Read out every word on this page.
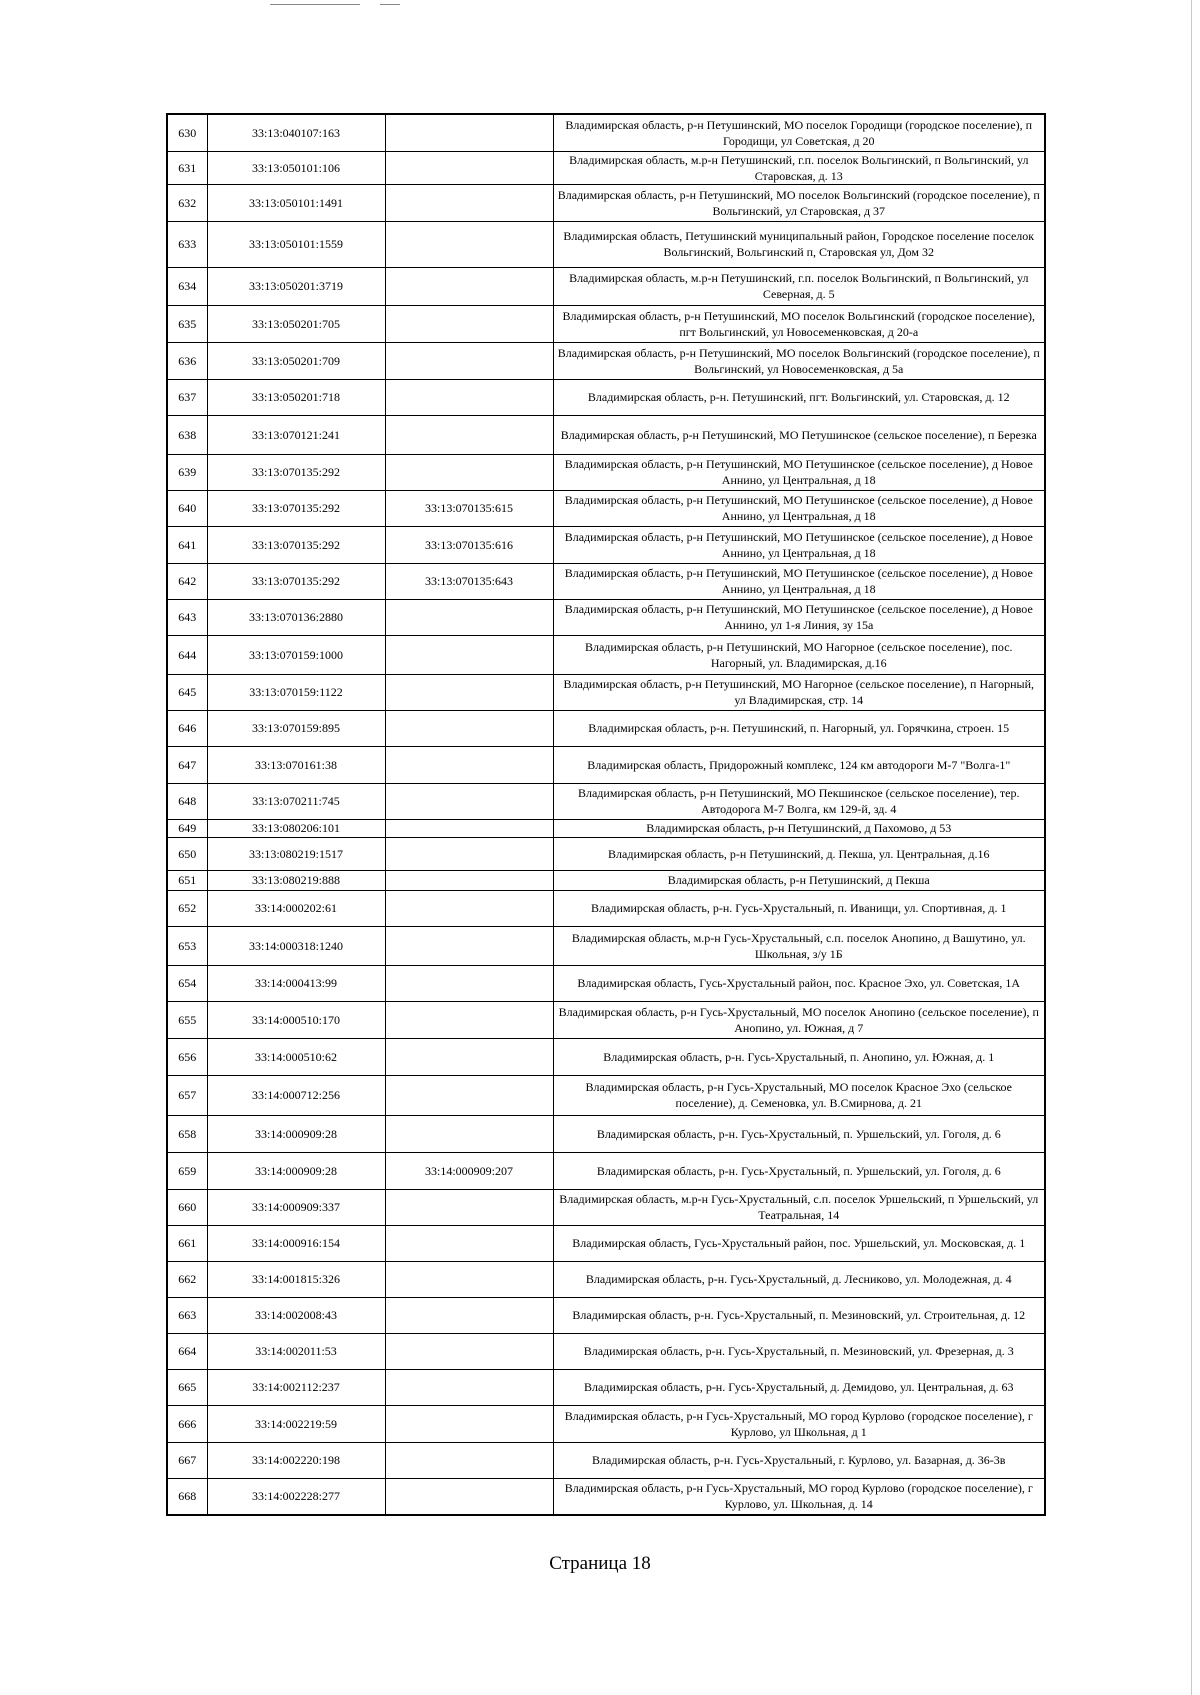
630	33:13:040107:163		Владимирская область, р-н Петушинский, МО поселок Городищи (городское поселение), п Городищи, ул Советская, д 20
631	33:13:050101:106		Владимирская область, м.р-н Петушинский, г.п. поселок Вольгинский, п Вольгинский, ул Старовская, д. 13
632	33:13:050101:1491		Владимирская область, р-н Петушинский, МО поселок Вольгинский (городское поселение), п Вольгинский, ул Старовская, д 37
633	33:13:050101:1559		Владимирская область, Петушинский муниципальный район, Городское поселение поселок Вольгинский, Вольгинский п, Старовская ул, Дом 32
634	33:13:050201:3719		Владимирская область, м.р-н Петушинский, г.п. поселок Вольгинский, п Вольгинский, ул Северная, д. 5
635	33:13:050201:705		Владимирская область, р-н Петушинский, МО поселок Вольгинский (городское поселение), пгт Вольгинский, ул Новосеменковская, д 20-а
636	33:13:050201:709		Владимирская область, р-н Петушинский, МО поселок Вольгинский (городское поселение), п Вольгинский, ул Новосеменковская, д 5а
637	33:13:050201:718		Владимирская область, р-н. Петушинский, пгт. Вольгинский, ул. Старовская, д. 12
638	33:13:070121:241		Владимирская область, р-н Петушинский, МО Петушинское (сельское поселение), п Березка
639	33:13:070135:292		Владимирская область, р-н Петушинский, МО Петушинское (сельское поселение), д Новое Аннино, ул Центральная, д 18
640	33:13:070135:292	33:13:070135:615	Владимирская область, р-н Петушинский, МО Петушинское (сельское поселение), д Новое Аннино, ул Центральная, д 18
641	33:13:070135:292	33:13:070135:616	Владимирская область, р-н Петушинский, МО Петушинское (сельское поселение), д Новое Аннино, ул Центральная, д 18
642	33:13:070135:292	33:13:070135:643	Владимирская область, р-н Петушинский, МО Петушинское (сельское поселение), д Новое Аннино, ул Центральная, д 18
643	33:13:070136:2880		Владимирская область, р-н Петушинский, МО Петушинское (сельское поселение), д Новое Аннино, ул 1-я Линия, зу 15а
644	33:13:070159:1000		Владимирская область, р-н Петушинский, МО Нагорное (сельское поселение), пос. Нагорный, ул. Владимирская, д.16
645	33:13:070159:1122		Владимирская область, р-н Петушинский, МО Нагорное (сельское поселение), п Нагорный, ул Владимирская, стр. 14
646	33:13:070159:895		Владимирская область, р-н. Петушинский, п. Нагорный, ул. Горячкина, строен. 15
647	33:13:070161:38		Владимирская область, Придорожный комплекс, 124 км автодороги М-7 "Волга-1"
648	33:13:070211:745		Владимирская область, р-н Петушинский, МО Пекшинское (сельское поселение), тер. Автодорога М-7 Волга, км 129-й, зд. 4
649	33:13:080206:101		Владимирская область, р-н Петушинский, д Пахомово, д 53
650	33:13:080219:1517		Владимирская область, р-н Петушинский, д. Пекша, ул. Центральная, д.16
651	33:13:080219:888		Владимирская область, р-н Петушинский, д Пекша
652	33:14:000202:61		Владимирская область, р-н. Гусь-Хрустальный, п. Иванищи, ул. Спортивная, д. 1
653	33:14:000318:1240		Владимирская область, м.р-н Гусь-Хрустальный, с.п. поселок Анопино, д Вашутино, ул. Школьная, з/у 1Б
654	33:14:000413:99		Владимирская область, Гусь-Хрустальный район, пос. Красное Эхо, ул. Советская, 1А
655	33:14:000510:170		Владимирская область, р-н Гусь-Хрустальный, МО поселок Анопино (сельское поселение), п Анопино, ул. Южная, д 7
656	33:14:000510:62		Владимирская область, р-н. Гусь-Хрустальный, п. Анопино, ул. Южная, д. 1
657	33:14:000712:256		Владимирская область, р-н Гусь-Хрустальный, МО поселок Красное Эхо (сельское поселение), д. Семеновка, ул. В.Смирнова, д. 21
658	33:14:000909:28		Владимирская область, р-н. Гусь-Хрустальный, п. Уршельский, ул. Гоголя, д. 6
659	33:14:000909:28	33:14:000909:207	Владимирская область, р-н. Гусь-Хрустальный, п. Уршельский, ул. Гоголя, д. 6
660	33:14:000909:337		Владимирская область, м.р-н Гусь-Хрустальный, с.п. поселок Уршельский, п Уршельский, ул Театральная, 14
661	33:14:000916:154		Владимирская область, Гусь-Хрустальный район, пос. Уршельский, ул. Московская, д. 1
662	33:14:001815:326		Владимирская область, р-н. Гусь-Хрустальный, д. Лесниково, ул. Молодежная, д. 4
663	33:14:002008:43		Владимирская область, р-н. Гусь-Хрустальный, п. Мезиновский, ул. Строительная, д. 12
664	33:14:002011:53		Владимирская область, р-н. Гусь-Хрустальный, п. Мезиновский, ул. Фрезерная, д. 3
665	33:14:002112:237		Владимирская область, р-н. Гусь-Хрустальный, д. Демидово, ул. Центральная, д. 63
666	33:14:002219:59		Владимирская область, р-н Гусь-Хрустальный, МО город Курлово (городское поселение), г Курлово, ул Школьная, д 1
667	33:14:002220:198		Владимирская область, р-н. Гусь-Хрустальный, г. Курлово, ул. Базарная, д. 36-3в
668	33:14:002228:277		Владимирская область, р-н Гусь-Хрустальный, МО город Курлово (городское поселение), г Курлово, ул. Школьная, д. 14
Страница 18
